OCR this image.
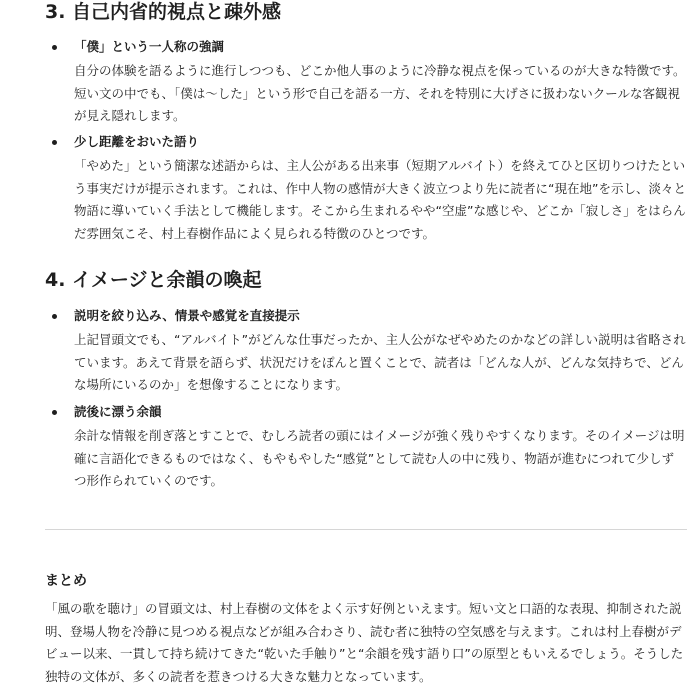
3. 自己内省的視点と疎外感
「僕」という一人称の強調
自分の体験を語るように進行しつつも、どこか他人事のように冷静な視点を保っているのが大きな特徴です。短い文の中でも、「僕は～した」という形で自己を語る一方、それを特別に大げさに扱わないクールな客観視が見え隠れします。
少し距離をおいた語り
「やめた」という簡潔な述語からは、主人公がある出来事（短期アルバイト）を終えてひと区切りつけたという事実だけが提示されます。これは、作中人物の感情が大きく波立つより先に読者に“現在地”を示し、淡々と物語に導いていく手法として機能します。そこから生まれるやや“空虚”な感じや、どこか「寂しさ」をはらんだ雰囲気こそ、村上春樹作品によく見られる特徴のひとつです。
4. イメージと余韻の喚起
説明を絞り込み、情景や感覚を直接提示
上記冒頭文でも、“アルバイト”がどんな仕事だったか、主人公がなぜやめたのかなどの詳しい説明は省略されています。あえて背景を語らず、状況だけをぽんと置くことで、読者は「どんな人が、どんな気持ちで、どんな場所にいるのか」を想像することになります。
読後に漂う余韻
余計な情報を削ぎ落とすことで、むしろ読者の頭にはイメージが強く残りやすくなります。そのイメージは明確に言語化できるものではなく、もやもやした“感覚”として読む人の中に残り、物語が進むにつれて少しずつ形作られていくのです。
まとめ
「風の歌を聴け」の冒頭文は、村上春樹の文体をよく示す好例といえます。短い文と口語的な表現、抑制された説明、登場人物を冷静に見つめる視点などが組み合わさり、読む者に独特の空気感を与えます。これは村上春樹がデビュー以来、一貫して持ち続けてきた“乾いた手触り”と“余韻を残す語り口”の原型ともいえるでしょう。そうした独特の文体が、多くの読者を惹きつける大きな魅力となっています。
